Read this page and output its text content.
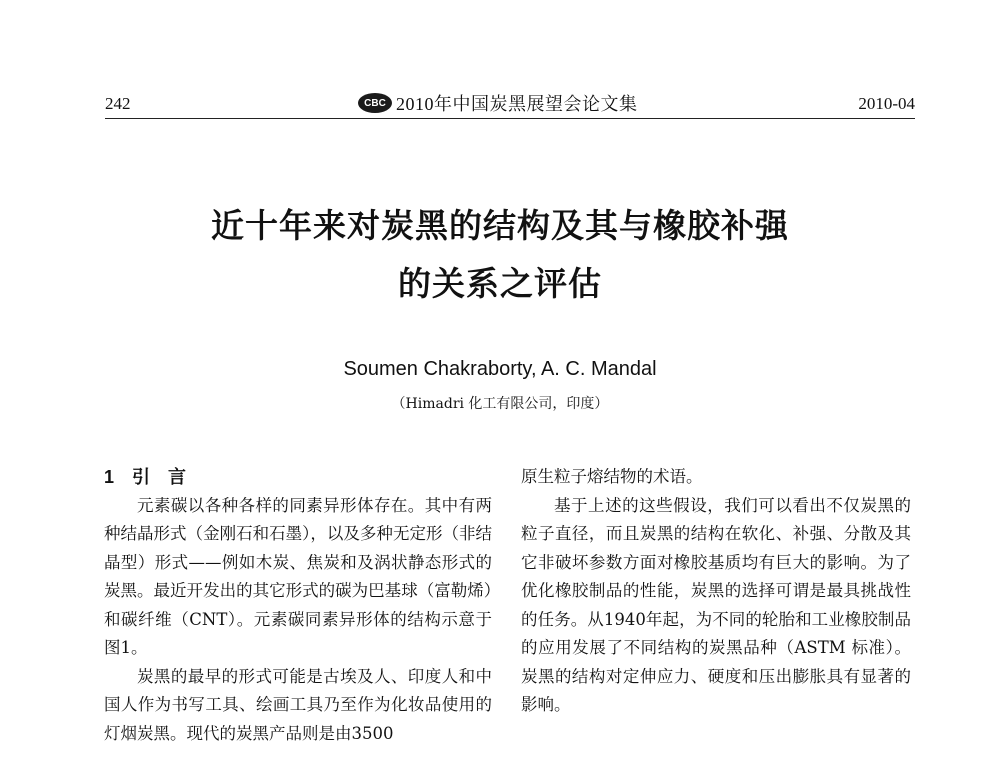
242	CBC 2010年中国炭黑展望会论文集	2010-04
近十年来对炭黑的结构及其与橡胶补强
的关系之评估
Soumen Chakraborty, A. C. Mandal
（Himadri 化工有限公司，印度）
1 引　言

元素碳以各种各样的同素异形体存在。其中有两种结晶形式（金刚石和石墨），以及多种无定形（非结晶型）形式——例如木炭、焦炭和及涡状静态形式的炭黑。最近开发出的其它形式的碳为巴基球（富勒烯）和碳纤维（CNT）。元素碳同素异形体的结构示意于图1。

炭黑的最早的形式可能是古埃及人、印度人和中国人作为书写工具、绘画工具乃至作为化妆品使用的灯烟炭黑。现代的炭黑产品则是由3500

原生粒子熔结物的术语。

基于上述的这些假设，我们可以看出不仅炭黑的粒子直径，而且炭黑的结构在软化、补强、分散及其它非破坏参数方面对橡胶基质均有巨大的影响。为了优化橡胶制品的性能，炭黑的选择可谓是最具挑战性的任务。从1940年起，为不同的轮胎和工业橡胶制品的应用发展了不同结构的炭黑品种（ASTM 标准）。炭黑的结构对定伸应力、硬度和压出膨胀具有显著的影响。
